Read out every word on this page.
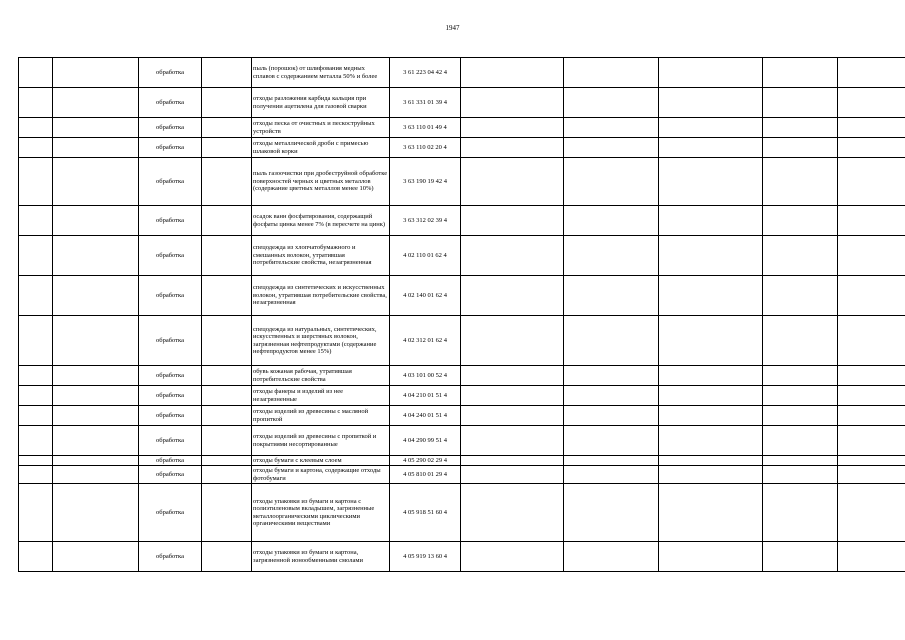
1947
		обработка		пыль (порошок) от шлифования медных сплавов с содержанием металла 50% и более	3 61 223 04 42 4					
		обработка		отходы разложения карбида кальция при получении ацетилена для газовой сварки	3 61 331 01 39 4					
		обработка		отходы песка от очистных и пескоструйных устройств	3 63 110 01 49 4					
		обработка		отходы металлической дроби с примесью шлаковой корки	3 63 110 02 20 4					
		обработка		пыль газоочистки при дробеструйной обработке поверхностей черных и цветных металлов (содержание цветных металлов менее 10%)	3 63 190 19 42 4					
		обработка		осадок ванн фосфатирования, содержащий фосфаты цинка менее 7% (в пересчете на цинк)	3 63 312 02 39 4					
		обработка		спецодежда из хлопчатобумажного и смешанных волокон, утратившая потребительские свойства, незагрязненная	4 02 110 01 62 4					
		обработка		спецодежда из синтетических и искусственных волокон, утратившая потребительские свойства, незагрязненная	4 02 140 01 62 4					
		обработка		спецодежда из натуральных, синтетических, искусственных и шерстяных волокон, загрязненная нефтепродуктами (содержание нефтепродуктов менее 15%)	4 02 312 01 62 4					
		обработка		обувь кожаная рабочая, утратившая потребительские свойства	4 03 101 00 52 4					
		обработка		отходы фанеры и изделий из нее незагрязненные	4 04 210 01 51 4					
		обработка		отходы изделий из древесины с масляной пропиткой	4 04 240 01 51 4					
		обработка		отходы изделий из древесины с пропиткой и покрытиями несортированные	4 04 290 99 51 4					
		обработка		отходы бумаги с клеевым слоем	4 05 290 02 29 4					
		обработка		отходы бумаги и картона, содержащие отходы фотобумаги	4 05 810 01 29 4					
		обработка		отходы упаковки из бумаги и картона с полиэтиленовым вкладышем, загрязненные металлоорганическими циклическими органическими веществами	4 05 918 51 60 4					
		обработка		отходы упаковки из бумаги и картона, загрязненной ионообменными смолами	4 05 919 13 60 4					
